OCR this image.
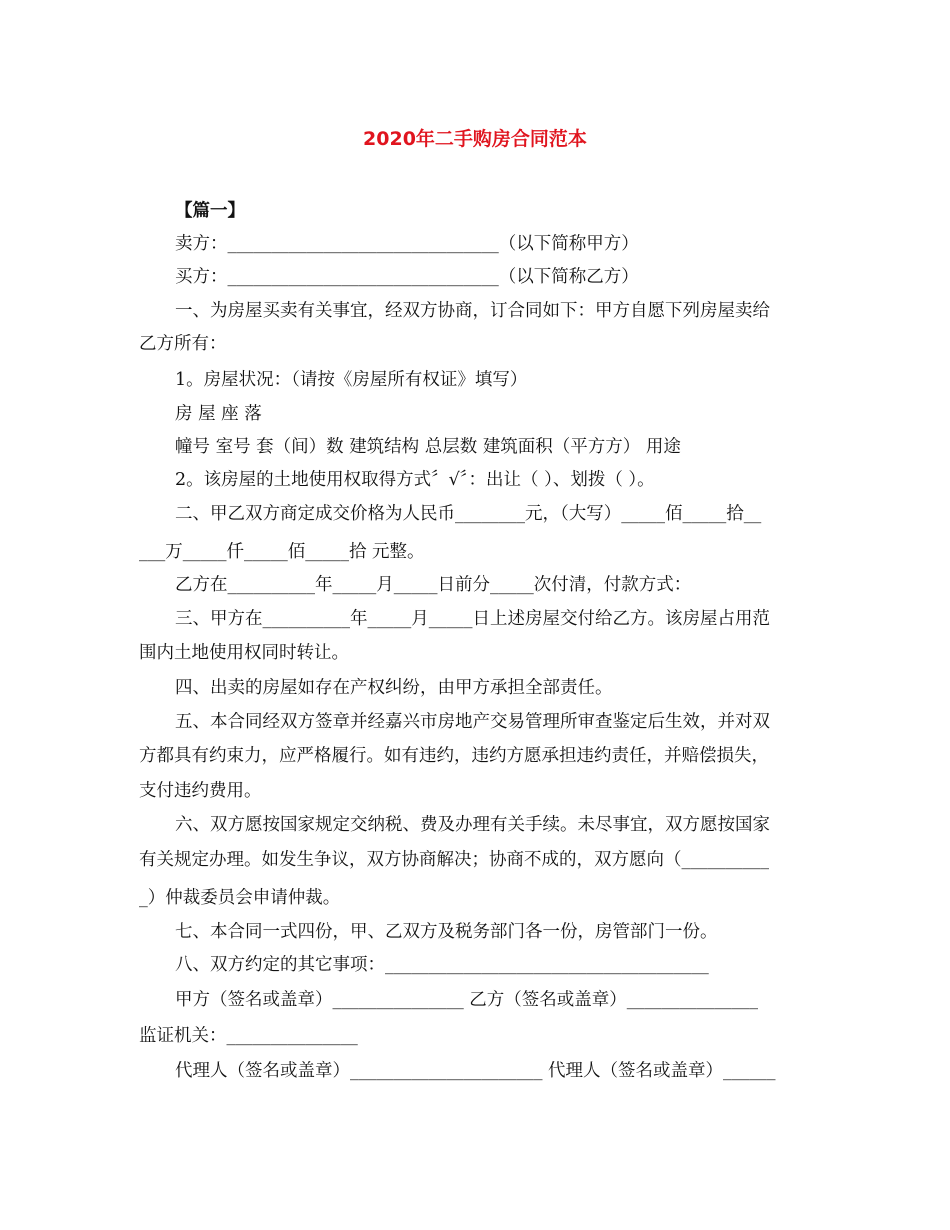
2020年二手购房合同范本
【篇一】
卖方：_______________________________（以下简称甲方）
买方：_______________________________（以下简称乙方）
一、为房屋买卖有关事宜，经双方协商，订合同如下：甲方自愿下列房屋卖给
乙方所有：
1。房屋状况：（请按《房屋所有权证》填写）
房 屋 座 落
幢号 室号 套（间）数 建筑结构 总层数 建筑面积（平方方） 用途
2。该房屋的土地使用权取得方式〞√〞：出让（ ）、划拨（ ）。
二、甲乙双方商定成交价格为人民币________元，（大写）_____佰_____拾__
___万_____仟_____佰_____拾 元整。
乙方在__________年_____月_____日前分_____次付清，付款方式：
三、甲方在__________年_____月_____日上述房屋交付给乙方。该房屋占用范
围内土地使用权同时转让。
四、出卖的房屋如存在产权纠纷，由甲方承担全部责任。
五、本合同经双方签章并经嘉兴市房地产交易管理所审查鉴定后生效，并对双
方都具有约束力，应严格履行。如有违约，违约方愿承担违约责任，并赔偿损失，
支付违约费用。
六、双方愿按国家规定交纳税、费及办理有关手续。未尽事宜，双方愿按国家
有关规定办理。如发生争议，双方协商解决；协商不成的，双方愿向（__________
_）仲裁委员会申请仲裁。
七、本合同一式四份，甲、乙双方及税务部门各一份，房管部门一份。
八、双方约定的其它事项：_____________________________________
甲方（签名或盖章）_______________ 乙方（签名或盖章）_______________
监证机关：_______________
代理人（签名或盖章）______________________ 代理人（签名或盖章）______
